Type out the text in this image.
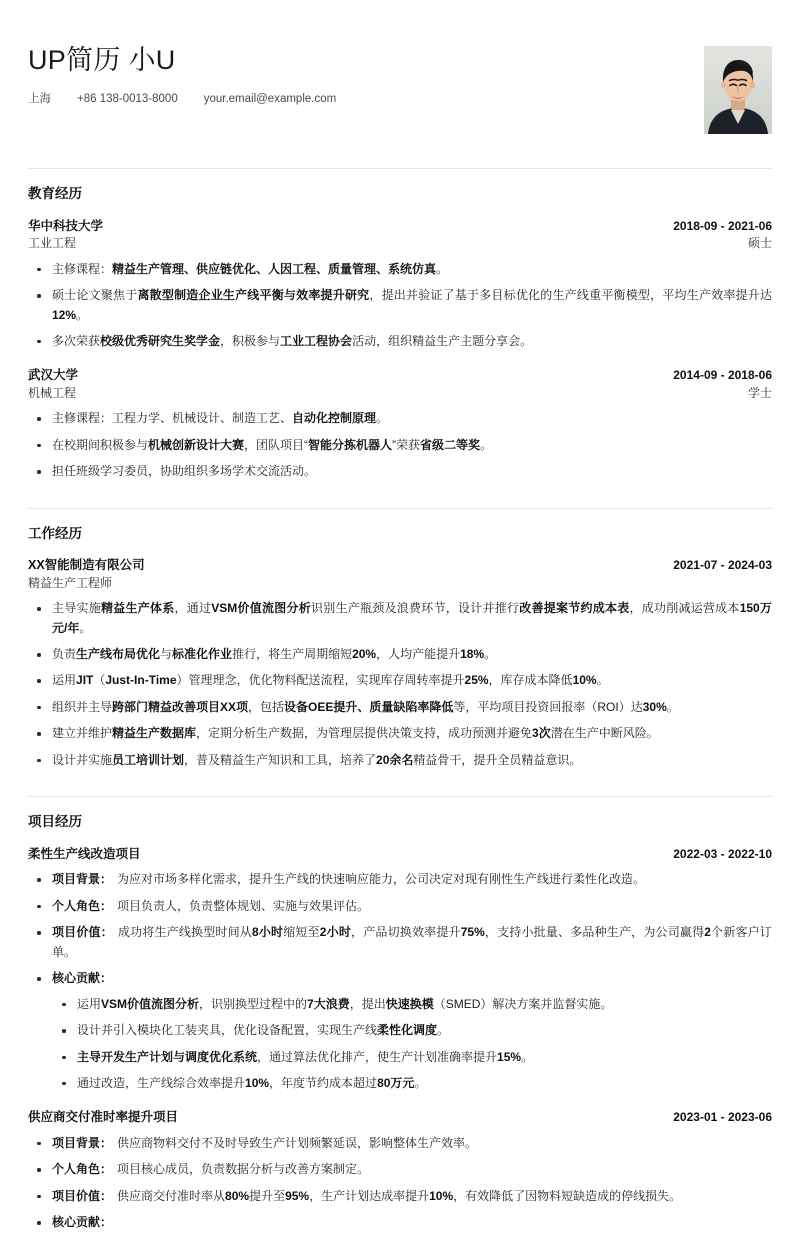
UP简历 小U
上海 +86 138-0013-8000 your.email@example.com
教育经历
华中科技大学	2018-09 - 2021-06
工业工程	硕士
主修课程：精益生产管理、供应链优化、人因工程、质量管理、系统仿真。
硕士论文聚焦于离散型制造企业生产线平衡与效率提升研究，提出并验证了基于多目标优化的生产线重平衡模型，平均生产效率提升达12%。
多次荣获校级优秀研究生奖学金，积极参与工业工程协会活动，组织精益生产主题分享会。
武汉大学	2014-09 - 2018-06
机械工程	学士
主修课程：工程力学、机械设计、制造工艺、自动化控制原理。
在校期间积极参与机械创新设计大赛，团队项目“智能分拣机器人”荣获省级二等奖。
担任班级学习委员，协助组织多场学术交流活动。
工作经历
XX智能制造有限公司	2021-07 - 2024-03
精益生产工程师
主导实施精益生产体系，通过VSM价值流图分析识别生产瓶颈及浪费环节，设计并推行改善提案节约成本表，成功削减运营成本150万元/年。
负责生产线布局优化与标准化作业推行，将生产周期缩短20%，人均产能提升18%。
运用JIT（Just-In-Time）管理理念，优化物料配送流程，实现库存周转率提升25%，库存成本降低10%。
组织并主导跨部门精益改善项目XX项，包括设备OEE提升、质量缺陷率降低等，平均项目投资回报率（ROI）达30%。
建立并维护精益生产数据库，定期分析生产数据，为管理层提供决策支持，成功预测并避免3次潜在生产中断风险。
设计并实施员工培训计划，普及精益生产知识和工具，培养了20余名精益骨干，提升全员精益意识。
项目经历
柔性生产线改造项目	2022-03 - 2022-10
项目背景： 为应对市场多样化需求，提升生产线的快速响应能力，公司决定对现有刚性生产线进行柔性化改造。
个人角色： 项目负责人，负责整体规划、实施与效果评估。
项目价值： 成功将生产线换型时间从8小时缩短至2小时，产品切换效率提升75%，支持小批量、多品种生产，为公司赢得2个新客户订单。
核心贡献：
运用VSM价值流图分析，识别换型过程中的7大浪费，提出快速换模（SMED）解决方案并监督实施。
设计并引入模块化工装夹具，优化设备配置，实现生产线柔性化调度。
主导开发生产计划与调度优化系统，通过算法优化排产，使生产计划准确率提升15%。
通过改造，生产线综合效率提升10%，年度节约成本超过80万元。
供应商交付准时率提升项目	2023-01 - 2023-06
项目背景： 供应商物料交付不及时导致生产计划频繁延误，影响整体生产效率。
个人角色： 项目核心成员，负责数据分析与改善方案制定。
项目价值： 供应商交付准时率从80%提升至95%，生产计划达成率提升10%，有效降低了因物料短缺造成的停线损失。
核心贡献：
